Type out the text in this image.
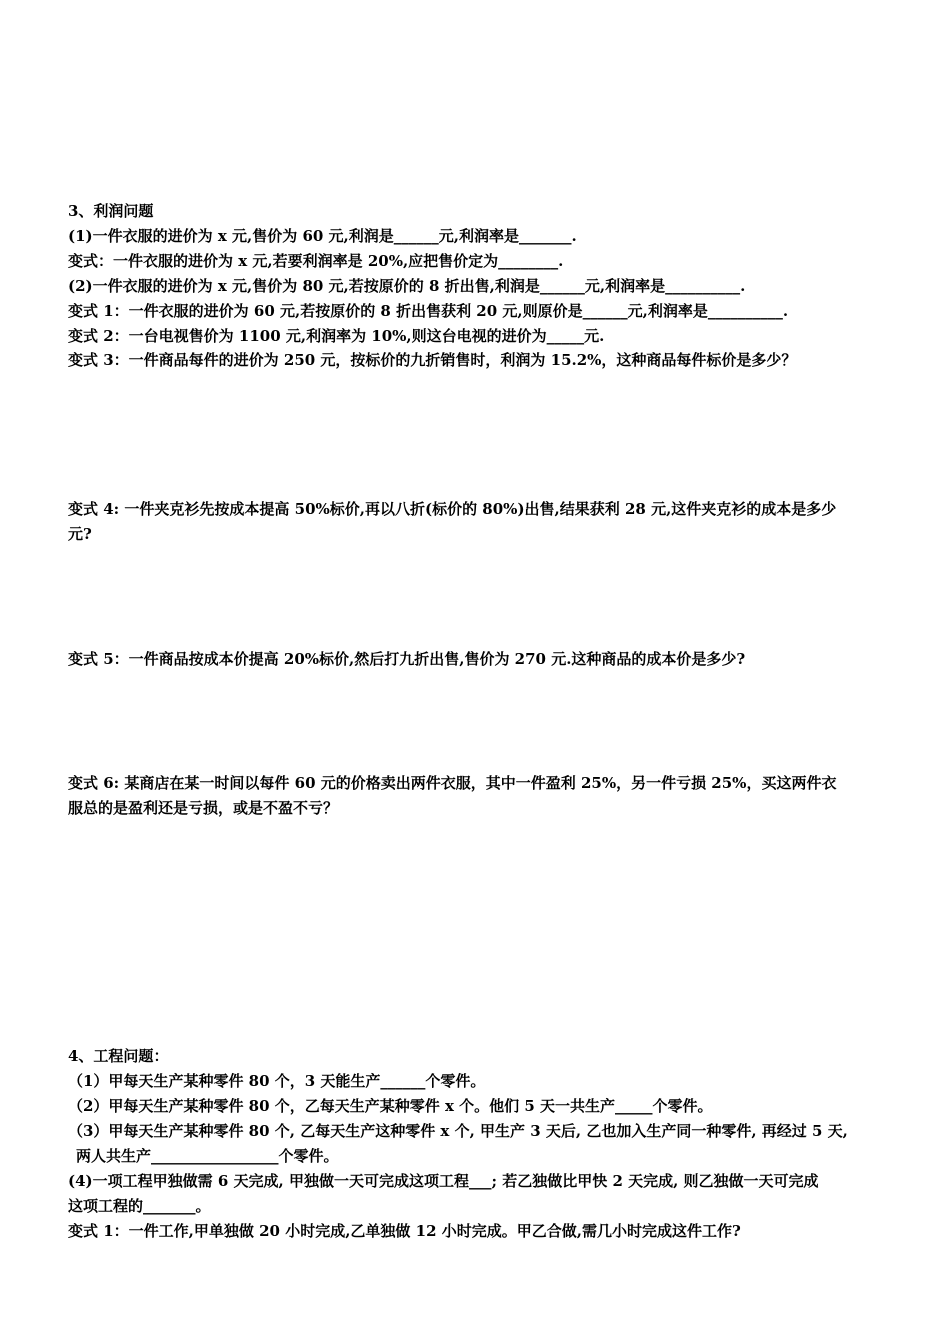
3、利润问题
(1)一件衣服的进价为 x 元,售价为 60 元,利润是______元,利润率是_______.
变式：一件衣服的进价为 x 元,若要利润率是 20%,应把售价定为________.
(2)一件衣服的进价为 x 元,售价为 80 元,若按原价的 8 折出售,利润是______元,利润率是__________.
变式 1：一件衣服的进价为 60 元,若按原价的 8 折出售获利 20 元,则原价是______元,利润率是__________.
变式 2：一台电视售价为 1100 元,利润率为 10%,则这台电视的进价为_____元.
变式 3：一件商品每件的进价为 250 元，按标价的九折销售时，利润为 15.2%，这种商品每件标价是多少？
变式 4: 一件夹克衫先按成本提高 50%标价,再以八折(标价的 80%)出售,结果获利 28 元,这件夹克衫的成本是多少
元?
变式 5：一件商品按成本价提高 20%标价,然后打九折出售,售价为 270 元.这种商品的成本价是多少?
变式 6: 某商店在某一时间以每件 60 元的价格卖出两件衣服，其中一件盈利 25%，另一件亏损 25%，买这两件衣
服总的是盈利还是亏损，或是不盈不亏？
4、工程问题：
（1）甲每天生产某种零件 80 个，3 天能生产______个零件。
（2）甲每天生产某种零件 80 个，乙每天生产某种零件 x 个。他们 5 天一共生产_____个零件。
（3）甲每天生产某种零件 80 个, 乙每天生产这种零件 x 个, 甲生产 3 天后, 乙也加入生产同一种零件, 再经过 5 天,
两人共生产_________________个零件。
(4)一项工程甲独做需 6 天完成, 甲独做一天可完成这项工程___; 若乙独做比甲快 2 天完成, 则乙独做一天可完成
这项工程的_______。
变式 1：一件工作,甲单独做 20 小时完成,乙单独做 12 小时完成。甲乙合做,需几小时完成这件工作?
